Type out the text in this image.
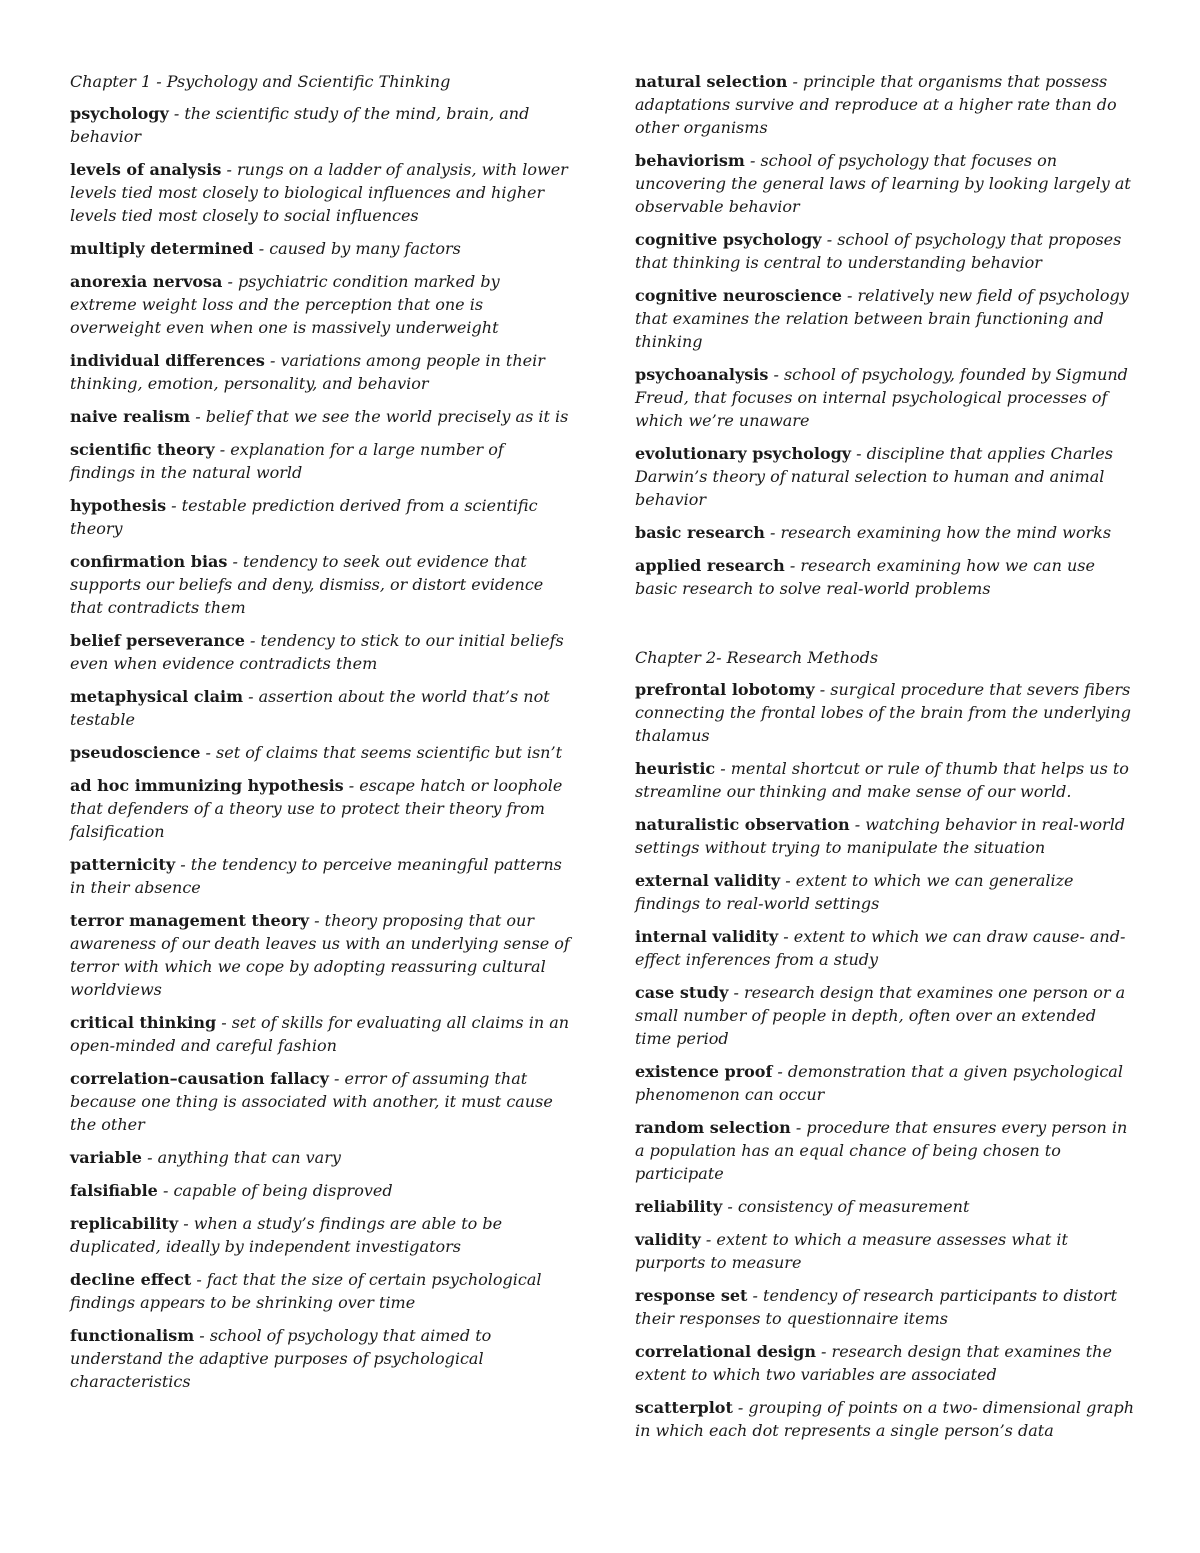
Chapter 1 - Psychology and Scientific Thinking
psychology - the scientific study of the mind, brain, and behavior
levels of analysis - rungs on a ladder of analysis, with lower levels tied most closely to biological influences and higher levels tied most closely to social influences
multiply determined - caused by many factors
anorexia nervosa - psychiatric condition marked by extreme weight loss and the perception that one is overweight even when one is massively underweight
individual differences - variations among people in their thinking, emotion, personality, and behavior
naive realism - belief that we see the world precisely as it is
scientific theory - explanation for a large number of findings in the natural world
hypothesis - testable prediction derived from a scientific theory
confirmation bias - tendency to seek out evidence that supports our beliefs and deny, dismiss, or distort evidence that contradicts them
belief perseverance - tendency to stick to our initial beliefs even when evidence contradicts them
metaphysical claim - assertion about the world that’s not testable
pseudoscience - set of claims that seems scientific but isn’t
ad hoc immunizing hypothesis - escape hatch or loophole that defenders of a theory use to protect their theory from falsification
patternicity - the tendency to perceive meaningful patterns in their absence
terror management theory - theory proposing that our awareness of our death leaves us with an underlying sense of terror with which we cope by adopting reassuring cultural worldviews
critical thinking - set of skills for evaluating all claims in an open-minded and careful fashion
correlation–causation fallacy - error of assuming that because one thing is associated with another, it must cause the other
variable - anything that can vary
falsifiable - capable of being disproved
replicability - when a study’s findings are able to be duplicated, ideally by independent investigators
decline effect - fact that the size of certain psychological findings appears to be shrinking over time
functionalism - school of psychology that aimed to understand the adaptive purposes of psychological characteristics
natural selection - principle that organisms that possess adaptations survive and reproduce at a higher rate than do other organisms
behaviorism - school of psychology that focuses on uncovering the general laws of learning by looking largely at observable behavior
cognitive psychology - school of psychology that proposes that thinking is central to understanding behavior
cognitive neuroscience - relatively new field of psychology that examines the relation between brain functioning and thinking
psychoanalysis - school of psychology, founded by Sigmund Freud, that focuses on internal psychological processes of which we’re unaware
evolutionary psychology - discipline that applies Charles Darwin’s theory of natural selection to human and animal behavior
basic research - research examining how the mind works
applied research - research examining how we can use basic research to solve real-world problems
Chapter 2- Research Methods
prefrontal lobotomy - surgical procedure that severs fibers connecting the frontal lobes of the brain from the underlying thalamus
heuristic - mental shortcut or rule of thumb that helps us to streamline our thinking and make sense of our world.
naturalistic observation - watching behavior in real-world settings without trying to manipulate the situation
external validity - extent to which we can generalize findings to real-world settings
internal validity - extent to which we can draw cause- and-effect inferences from a study
case study - research design that examines one person or a small number of people in depth, often over an extended time period
existence proof - demonstration that a given psychological phenomenon can occur
random selection - procedure that ensures every person in a population has an equal chance of being chosen to participate
reliability - consistency of measurement
validity - extent to which a measure assesses what it purports to measure
response set - tendency of research participants to distort their responses to questionnaire items
correlational design - research design that examines the extent to which two variables are associated
scatterplot - grouping of points on a two- dimensional graph in which each dot represents a single person’s data
